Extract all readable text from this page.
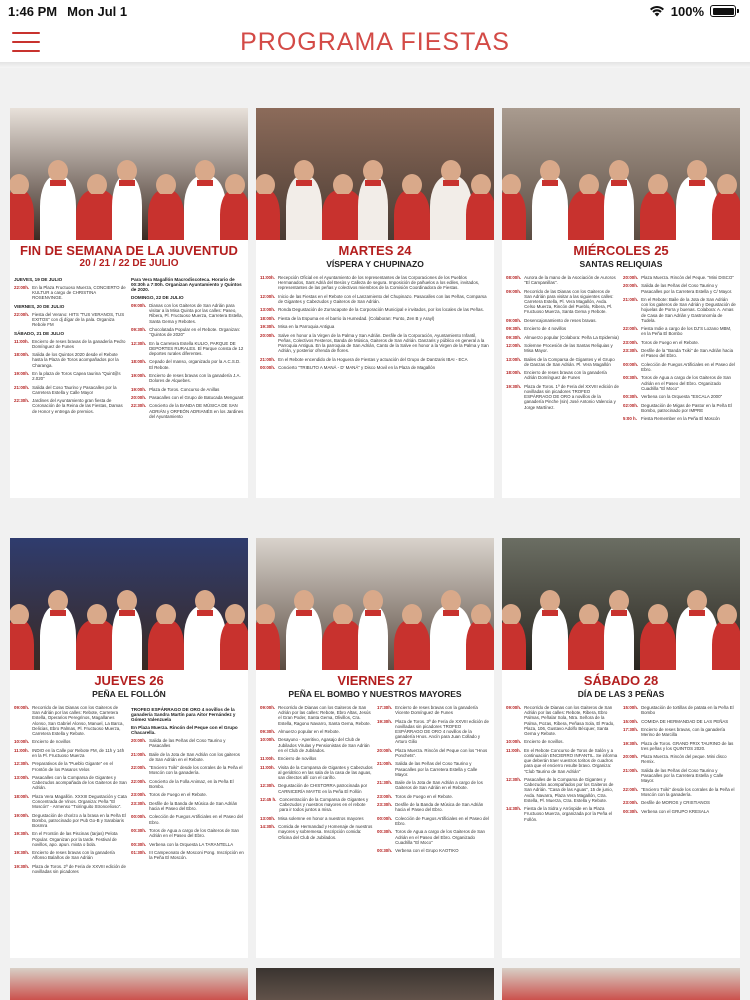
1:46 PM Mon Jul 1	100%
PROGRAMA FIESTAS
FIN DE SEMANA DE LA JUVENTUD
20 / 21 / 22 DE JULIO
JUEVES, 19 DE JULIO
22:00h. En la Plaza Fructuoso Muerza, CONCIERTO de KULTUR a cargo de CHRISTINA ROSENVINGE.
VIERNES, 20 DE JULIO
22:00h. Fiesta del Verano: HITS "TUS VERANOS, TUS EXITOS" con dj dígar de la pala. Organiza Rebole FM
SÁBADO, 21 DE JULIO
11:00h. Encierro de reses bravas de la ganadería Pedro Domínguez de Funes
18:00h. Salida de los Quintos 2020 desde el Rebote hasta la Plaza de Toros acompañados por la Charanga.
19:00h. En la plaza de Toros Capea taurina "Quint@s 2.020"
21:00h. Salida del Coso Taurino y Pasacalles por la Carretera Estella y Calle Mayor
22:30h. Jardines del Ayuntamiento gran fiesta de Coronación de la Reina de las Fiestas, Damas de Honor y entrega de premios.
Para Vera Magallón Macrodiscoteca. Horario de 00:30h a 7:00h. Organizan Ayuntamiento y Quintos de 2020.
DOMINGO, 22 DE JULIO
09:00h. Dianas con los Gaiteros de San Adrián para visitar a la Misa Quinta por las calles: Paseo, Ribera, Pl. Fructuoso Muerza, Carretera Estella, Santa Gema y Rebotes.
09:30h. Chocolatada Popular en el Rebote. Organizan: "Quintos de 2020"
12:30h. En la Carretera Estella KULIO, PARQUE DE DEPORTES RURALES. El Parque consta de 12 deportes rurales diferentes.
18:00h. Cepado del manso, organizado por la A.C.S.D. El Rebote.
19:00h. Encierro de reses bravas con la ganadería J.A. Dolores de Alquebes.
19:00h. Plaza de Toros. Concurso de Anillas
20:00h. Pasacalles con el Grupo de Batucada Menguant
22:30h. Concierto de la BANDA DE MÚSICA DE SAN ADRIÁN y ORFEÓN ADRIANÉS en los Jardines del Ayuntamiento
MARTES 24
VÍSPERA Y CHUPINAZO
11:00h. Recepción Oficial en el Ayuntamiento de los representantes de las Corporaciones de los Pueblos Hermanados, Sant Adrià del Besòs y Calleza de segura. Imposición de pañuelos a los ediles, invitados, representantes de las peñas y colectivos miembros de la Comisión Coordinadora de Fiestas.
12:00h. Inicio de las Fiestas en el Rebote con el Lanzamiento del Chupinazo. Pasacalles con las Peñas, Comparsa de Gigantes y Cabezudos y Gaiteros de San Adrián.
13:00h. Ronda Degustación de Zurracapote de la Corporación Municipal e invitados, por los locales de las Peñas.
18:00h. Fiesta de la Espuma en el barrio la Humedad. (Colaboran: Punto, Zen B y Arayl)
19:30h. Misa en la Parroquia Antigua
20:00h. Salve en honor a la Virgen de la Palma y San Adrián. Desfile de la Corporación, Ayuntamiento Infantil, Peñas, Colectivos Festeros, Banda de Música, Gaiteros de San Adrián. Danzaris y público en general a la Parroquia Antigua. En la parroquia de San Adrián, Canto de la Salve en honor a la Virgen de la Palma y San Adrián, y posterior ofrenda de flores.
21:00h. En el Rebote encendido de la Hoguera de Fiestas y actuación del Grupo de Dantzaris IBAI - ECA
00:00h. Concierto "TRIBUTO A MANÁ - D' MANÁ" y Disco Movil en la Plaza de Magallón
MIÉRCOLES 25
SANTAS RELIQUIAS
08:00h. Aurora de la mano de la Asociación de Auroros "El Campanillas".
09:00h. Recorrido de las Dianas con los Gaiteros de San Adrián para visitar a las siguientes calles: Carretera Estella, Pl. Vera Magallón, Avda. Celso Muerza, Rincón del Pueblo, Ribera, Pl. Fructuoso Muerza, Santa Gema y Rebote.
09:00h. Desencajonamiento de reses bravas.
09:30h. Encierro de 4 novillos
09:30h. Almuerzo popular (Colabora: Peña La Epidemia)
12:00h. Solemne Procesión de las Santas Reliquias y Misa Mayor.
13:00h. Bailes de la Comparsa de Gigantes y el Grupo de Danzas de San Adrián. Pl. Vera Magallón
18:00h. Encierro de reses bravas con la ganadería Adrián Domínguez de Funes
19:30h. Plaza de Toros. 1ª de Feria del XXVIII edición de novilladas sin picadores TROFEO ESPÁRRAGO DE ORO a novillos de la ganadería Pinche (sin) José Antonio Valencia y Jorge Martínez.
20:00h. Plaza Muerza. Rincón del Peque. "Mini DISCO"
20:00h. Salida de las Peñas del Coso Taurino y Pasacalles por la Carretera Estella y C/ Mayor.
21:00h. En el Rebote: Baile de la Jota de San Adrián con los gaiteros de San Adrián y Degustación de hojuelas de Porra y buenas. Colabora: A. Amas de Casa de San Adrián y Gastronomía de Tudela.
22:00h. Fiesta Indie a cargo de los DJ'S Lozano MBM, en la Peña El Bombo
23:00h. Toros de Fuego en el Rebote.
23:30h. Desfile de la "Banda Txiki" de San Adrián hacia el Paseo del Ebro.
00:00h. Colección de Fuegos Artificiales en el Paseo del Ebro.
00:30h. Toros de Agua a cargo de los Gaiteros de San Adrián en el Paseo del Ebro. Organizado Cuadrilla "El Moco"
00:30h. Verbena con la Orquesta "ESCALA 2000"
02:00h. Degustación de Migas de Pastor en la Peña El Bombo, patrocinado por IMPRE
5:00 h. Fiesta Remember en la Peña El Moscón
JUEVES 26
PEÑA EL FOLLÓN
09:00h. Recorrido de las Dianas con los Gaiteros de San Adrián por las calles: Rebote, Carretera Estella, Operarios Peregrinos, Magallanes Alonso, San Gabriel Alonso, Manuel, La Barca, Delicias, Ebro Palmas, Pl. Fructuoso Muerza, Carretera Estella y Rebote.
10:00h. Encierro de novillos
11:00h. INDIO en la Calle por Rebote FM, de 11h y 14h en la Pl. Fructuoso Muerza
12:30h. Preparativos de la "Pueblo Gigante" en el Frontón de los Pasaros Velos
13:00h. Pasacalles con la Comparsa de Gigantes y Cabezudos acompañada de los Gaiteros de San Adrián.
18:00h. Plaza Vera Magallón. XXXIII Degustación y Cata Concentrada de Vinos. Organiza: Peña "El Moscón" - Armenso "Txiringuito Stroncelioso".
19:00h. Degustación de chorizo a la brasa en la Peña El Bombo, patrocinado por Pub Go-B y Sarabiaris Bosmra
19:30h. En el Frontón de las Piscinas (tarjas) Pelota Popular. Organizan por la tarde. Festival de novillos, apo. apun. mixta o bola.
19:30h. Encierro de reses bravas con la ganadería Alfonso Balaños de San Adrián
19:30h. Plaza de Toros. 2ª de Feria de XXVIII edición de novilladas sin picadores
TROFEO ESPÁRRAGO DE ORO 4 novillos de la ganadería Sandra Martín para Aitor Fernández y Gómez Valenzuela
En Plaza Muerza. Rincón del Peque con el Grupo Chacarella.
20:00h. Salida de las Peñas del Coso Taurino y Pasacalles
21:00h. Baile de la Jota de San Adrián con los gaiteros de San Adrián en el Rebote.
22:00h. "Encierro Txiki" desde los corrales de la Peña el Moscón con la ganadería.
22:00h. Concierto de la Folla Animaz, en la Peña El Bombo.
23:00h. Toros de Fuego en el Rebote.
23:30h. Desfile de la Banda de Música de San Adrián hacia el Paseo del Ebro.
00:00h. Colección de Fuegos Artificiales en el Paseo del Ebro.
00:30h. Toros de Agua a cargo de los Gaiteros de San Adrián en el Paseo del Ebro.
00:30h. Verbena con la Orquesta LA TARANTELLA
01:30h. III Campeonato de Mosconi Pong. Inscripción en la Peña El Moscón.
VIERNES 27
PEÑA EL BOMBO Y NUESTROS MAYORES
09:00h. Recorrido de Dianas con los Gaiteros de San Adrián por las calles: Rebote, Ebro Altas, Jesús el Gran Poder, Santa Gema, Olivillos, Cra. Estella, Ragono Navarro, Santa Gema, Rebote.
09:30h. Almuerzo popular en el Rebote.
10:00h. Desayuno - Aperitivo, Agasajo del Club de Jubilados Virulas y Pensionistas de San Adrián en el Club de Jubilados.
11:00h. Encierro de novillos
11:00h. Visita de la Comparsa de Gigantes y Cabezudos al geriátrico en las sala de la casa de las aguas, san directos allí con el cariño.
12:30h. Degustación de CHISTORRA patrocinada por CARNICERÍA MAYTE en la Peña El Follón
12:45 h. Concentración de la Comparsa de Gigantes y Cabezudos y nuestros mayores en el rebote para ir todos juntos a misa.
13:00h. Misa solemne en honor a nuestros mayores
14:30h. Comida de Hermandad y Homenaje de nuestros mayores y sobremesa. Inscripción comida: Oficina del Club de Jubilados.
17:30h. Encierro de reses bravas con la ganadería Vicente Domínguez de Funes
19:30h. Plaza de Toros. 3ª de Feria de XXVIII edición de novilladas sin picadores TROFEO ESPÁRRAGO DE ORO 4 novillos de la ganadería Hnos. Ancín para Juan Collado y Arturo Gilio
20:00h. Plaza Muerza. Rincón del Peque con los "Hnos Ponchets".
21:00h. Salida de las Peñas del Coso Taurino y Pasacalles por la Carretera Estella y Calle Mayor.
21:30h. Baile de la Jota de San Adrián a cargo de los Gaiteros de San Adrián en el Rebote.
23:00h. Toros de Fuego en el Rebote.
23:30h. Desfile de la Banda de Música de San Adrián hacia el Paseo del Ebro.
00:00h. Colección de Fuegos Artificiales en el Paseo del Ebro.
00:30h. Toros de Agua a cargo de los Gaiteros de San Adrián en el Paseo del Ebro. Organizado Cuadrilla "El Moco"
00:30h. Verbena con el Grupo KAOTIKO
SÁBADO 28
DÍA DE LAS 3 PEÑAS
09:00h. Recorrido de Dianas con los Gaiteros de San Adrián por las calles: Rebote, Ribera, Ebro Palmas, Peñalar Sola, Ntra. Señora de la Palma, Pozas, Ribera, Peñasa Sola, El Prado, Plaza, 106, Gustavo Adolfo Bécquer, Santa Gema y Rebote.
10:00h. Encierro de novillos.
11:00h. En el Rebote Concurso de Toros de Salón y a continuación ENCIERRO INFANTIL. Se informa que deberán traer vuestros toritos de cuadros para que el encierro resulte bravo. Organiza: "Club Taurino de San Adrián"
12:30h. Pasacalles de la Comparsa de Gigantes y Cabezudos acompañados por los Gaiteros de San Adrián. "Casa de las Aguas", 15 de junio, Avda. Navarra, Plaza Vera Magallón, Ctra. Estella, Pl. Muerza, Ctra. Estella y Rebote.
14:30h. Fiesta de la Sidra y Arróspide en la Plaza Fructuoso Muerza, organizada por la Peña el Follón.
15:00h. Degustación de tortillas de patata en la Peña El Bombo
15:00h. COMIDA DE HERMANDAD DE LAS PEÑAS
17:30h. Encierro de reses bravas, con la ganadería Merino de Marcilla
19:30h. Plaza de Toros. GRAND PRIX TAURINO de las tres peñas y los QUINTOS 2020.
20:00h. Plaza Muerza. Rincón del peque. Mini disco Remix.
21:00h. Salida de las Peñas del Coso Taurino y Pasacalles por la Carretera Estella y Calle Mayor.
22:00h. "Encierro Txiki" desde los corrales de la Peña el Moscón con la ganadería.
23:00h. Desfile de MOROS y CRISTIANOS
00:30h. Verbena con el GRUPO KRESALA
